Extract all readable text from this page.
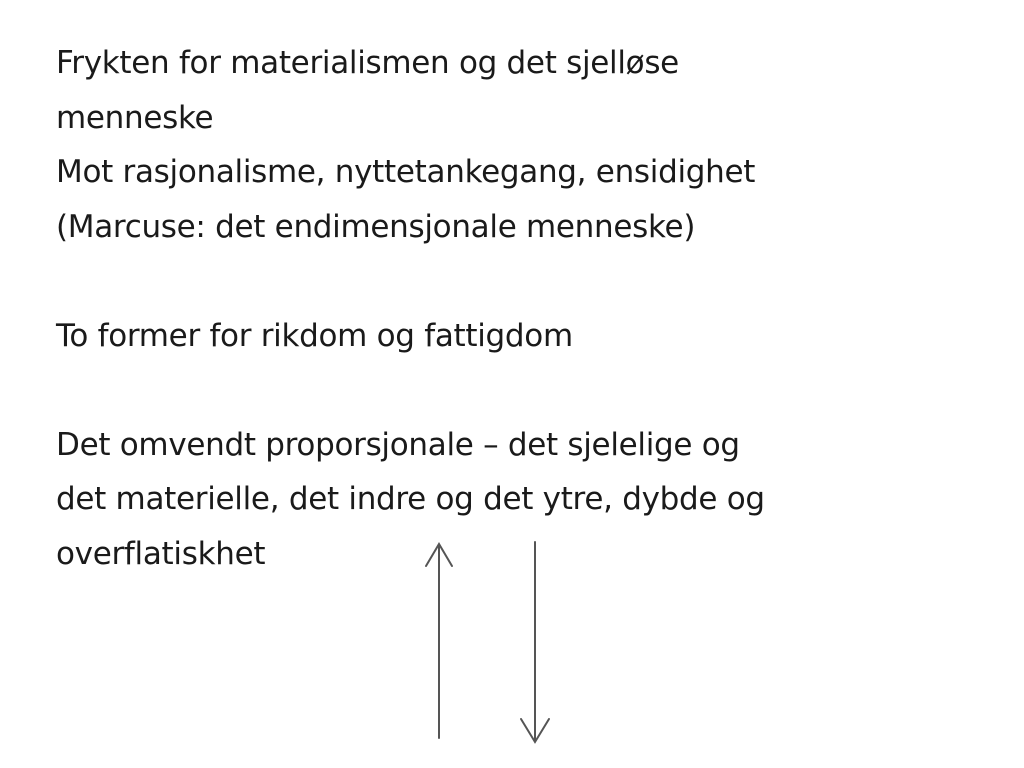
Frykten for materialismen og det sjelløse
menneske
Mot rasjonalisme, nyttetankegang, ensidighet
(Marcuse: det endimensjonale menneske)
To former for rikdom og fattigdom
Det omvendt proporsjonale – det sjelelige og
det materielle, det indre og det ytre, dybde og
overflatiskhet
